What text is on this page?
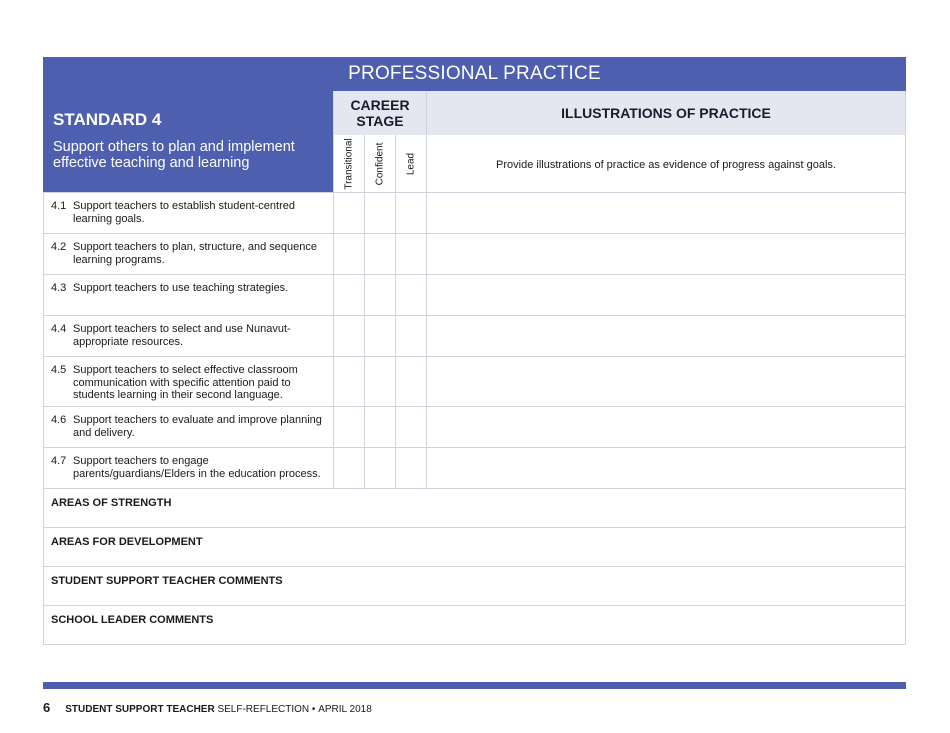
PROFESSIONAL PRACTICE
STANDARD 4
Support others to plan and implement effective teaching and learning
CAREER
STAGE
Transitional Confident Lead
ILLUSTRATIONS OF PRACTICE
Provide illustrations of practice as evidence of progress against goals.
4.1 Support teachers to establish student-centred learning goals.
4.2 Support teachers to plan, structure, and sequence learning programs.
4.3 Support teachers to use teaching strategies.
4.4 Support teachers to select and use Nunavut-appropriate resources.
4.5 Support teachers to select effective classroom communication with specific attention paid to students learning in their second language.
4.6 Support teachers to evaluate and improve planning and delivery.
4.7 Support teachers to engage parents/guardians/Elders in the education process.
AREAS OF STRENGTH
AREAS FOR DEVELOPMENT
STUDENT SUPPORT TEACHER COMMENTS
SCHOOL LEADER COMMENTS
6 STUDENT SUPPORT TEACHER SELF-REFLECTION • APRIL 2018
